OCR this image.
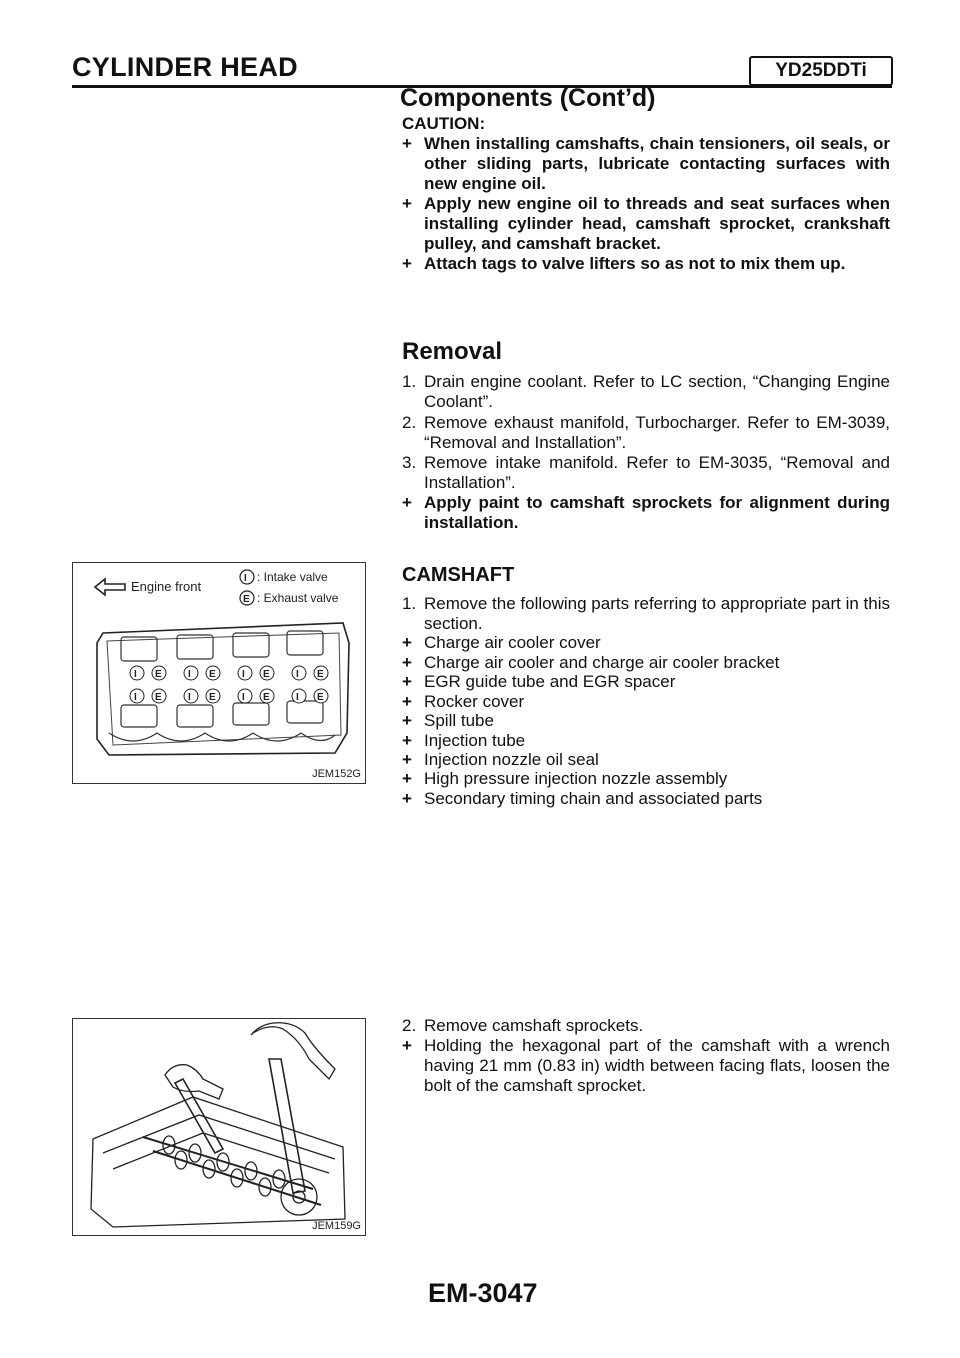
CYLINDER HEAD	YD25DDTi
Components (Cont’d)
CAUTION:
+ When installing camshafts, chain tensioners, oil seals, or other sliding parts, lubricate contacting surfaces with new engine oil.
+ Apply new engine oil to threads and seat surfaces when installing cylinder head, camshaft sprocket, crankshaft pulley, and camshaft bracket.
+ Attach tags to valve lifters so as not to mix them up.
Removal
1. Drain engine coolant. Refer to LC section, “Changing Engine Coolant”.
2. Remove exhaust manifold, Turbocharger. Refer to EM-3039, “Removal and Installation”.
3. Remove intake manifold. Refer to EM-3035, “Removal and Installation”.
+ Apply paint to camshaft sprockets for alignment during installation.
CAMSHAFT
1. Remove the following parts referring to appropriate part in this section.
+ Charge air cooler cover
+ Charge air cooler and charge air cooler bracket
+ EGR guide tube and EGR spacer
+ Rocker cover
+ Spill tube
+ Injection tube
+ Injection nozzle oil seal
+ High pressure injection nozzle assembly
+ Secondary timing chain and associated parts
2. Remove camshaft sprockets.
+ Holding the hexagonal part of the camshaft with a wrench having 21 mm (0.83 in) width between facing flats, loosen the bolt of the camshaft sprocket.
Engine front
I : Intake valve
E : Exhaust valve
I E	I E	I E	I E
I E	I E	I E	I E
JEM152G
JEM159G
EM-3047
